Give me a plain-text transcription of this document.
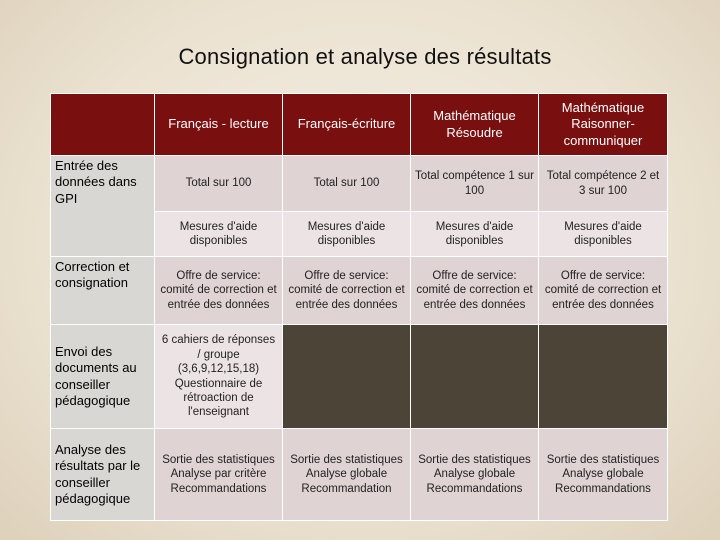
Consignation et analyse des résultats
	Français - lecture	Français-écriture	Mathématique Résoudre	Mathématique Raisonner-communiquer
Entrée des données dans GPI	Total sur 100	Total sur 100	Total compétence 1 sur 100	Total compétence 2 et 3 sur 100
	Mesures d'aide disponibles	Mesures d'aide disponibles	Mesures d'aide disponibles	Mesures d'aide disponibles
Correction et consignation	Offre de service: comité de correction et entrée des données	Offre de service: comité de correction et entrée des données	Offre de service: comité de correction et entrée des données	Offre de service: comité de correction et entrée des données
Envoi des documents au conseiller pédagogique	6 cahiers de réponses / groupe (3,6,9,12,15,18) Questionnaire de rétroaction de l'enseignant			
Analyse des résultats par le conseiller pédagogique	Sortie des statistiques Analyse par critère Recommandations	Sortie des statistiques Analyse globale Recommandation	Sortie des statistiques Analyse globale Recommandations	Sortie des statistiques Analyse globale Recommandations
